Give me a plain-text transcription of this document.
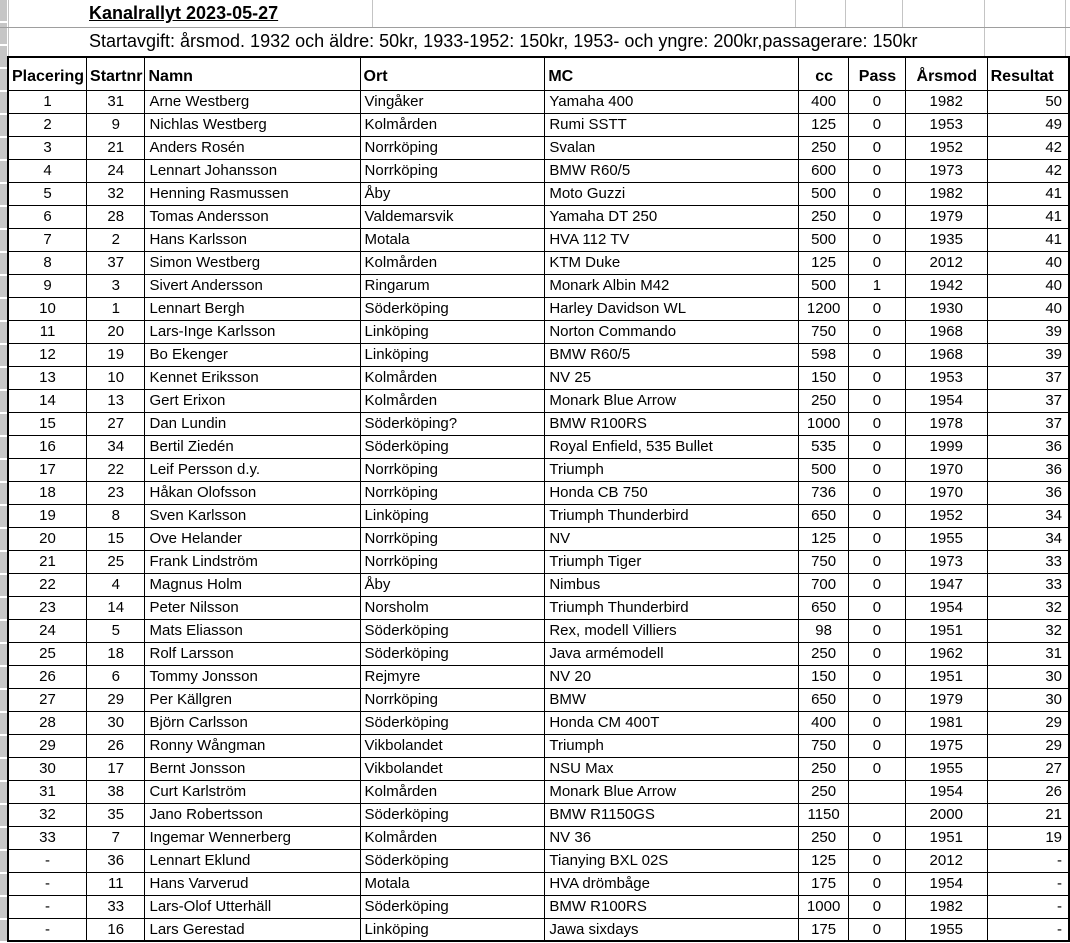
Kanalrallyt 2023-05-27
Startavgift: årsmod. 1932 och äldre: 50kr, 1933-1952: 150kr, 1953- och yngre: 200kr,passagerare: 150kr
Placering	Startnr	Namn	Ort	MC	cc	Pass	Årsmod	Resultat
1	31	Arne Westberg	Vingåker	Yamaha 400	400	0	1982	50
2	9	Nichlas Westberg	Kolmården	Rumi SSTT	125	0	1953	49
3	21	Anders Rosén	Norrköping	Svalan	250	0	1952	42
4	24	Lennart Johansson	Norrköping	BMW R60/5	600	0	1973	42
5	32	Henning Rasmussen	Åby	Moto Guzzi	500	0	1982	41
6	28	Tomas Andersson	Valdemarsvik	Yamaha DT 250	250	0	1979	41
7	2	Hans Karlsson	Motala	HVA 112 TV	500	0	1935	41
8	37	Simon Westberg	Kolmården	KTM Duke	125	0	2012	40
9	3	Sivert Andersson	Ringarum	Monark Albin M42	500	1	1942	40
10	1	Lennart Bergh	Söderköping	Harley Davidson WL	1200	0	1930	40
11	20	Lars-Inge Karlsson	Linköping	Norton Commando	750	0	1968	39
12	19	Bo Ekenger	Linköping	BMW R60/5	598	0	1968	39
13	10	Kennet Eriksson	Kolmården	NV 25	150	0	1953	37
14	13	Gert Erixon	Kolmården	Monark Blue Arrow	250	0	1954	37
15	27	Dan Lundin	Söderköping?	BMW R100RS	1000	0	1978	37
16	34	Bertil Ziedén	Söderköping	Royal Enfield, 535 Bullet	535	0	1999	36
17	22	Leif Persson d.y.	Norrköping	Triumph	500	0	1970	36
18	23	Håkan Olofsson	Norrköping	Honda CB 750	736	0	1970	36
19	8	Sven Karlsson	Linköping	Triumph Thunderbird	650	0	1952	34
20	15	Ove Helander	Norrköping	NV	125	0	1955	34
21	25	Frank Lindström	Norrköping	Triumph Tiger	750	0	1973	33
22	4	Magnus Holm	Åby	Nimbus	700	0	1947	33
23	14	Peter Nilsson	Norsholm	Triumph Thunderbird	650	0	1954	32
24	5	Mats Eliasson	Söderköping	Rex, modell Villiers	98	0	1951	32
25	18	Rolf Larsson	Söderköping	Java armémodell	250	0	1962	31
26	6	Tommy Jonsson	Rejmyre	NV 20	150	0	1951	30
27	29	Per Källgren	Norrköping	BMW	650	0	1979	30
28	30	Björn Carlsson	Söderköping	Honda CM 400T	400	0	1981	29
29	26	Ronny Wångman	Vikbolandet	Triumph	750	0	1975	29
30	17	Bernt Jonsson	Vikbolandet	NSU Max	250	0	1955	27
31	38	Curt Karlström	Kolmården	Monark Blue Arrow	250		1954	26
32	35	Jano Robertsson	Söderköping	BMW R1150GS	1150		2000	21
33	7	Ingemar Wennerberg	Kolmården	NV 36	250	0	1951	19
-	36	Lennart Eklund	Söderköping	Tianying BXL 02S	125	0	2012	-
-	11	Hans Varverud	Motala	HVA drömbåge	175	0	1954	-
-	33	Lars-Olof Utterhäll	Söderköping	BMW R100RS	1000	0	1982	-
-	16	Lars Gerestad	Linköping	Jawa sixdays	175	0	1955	-
